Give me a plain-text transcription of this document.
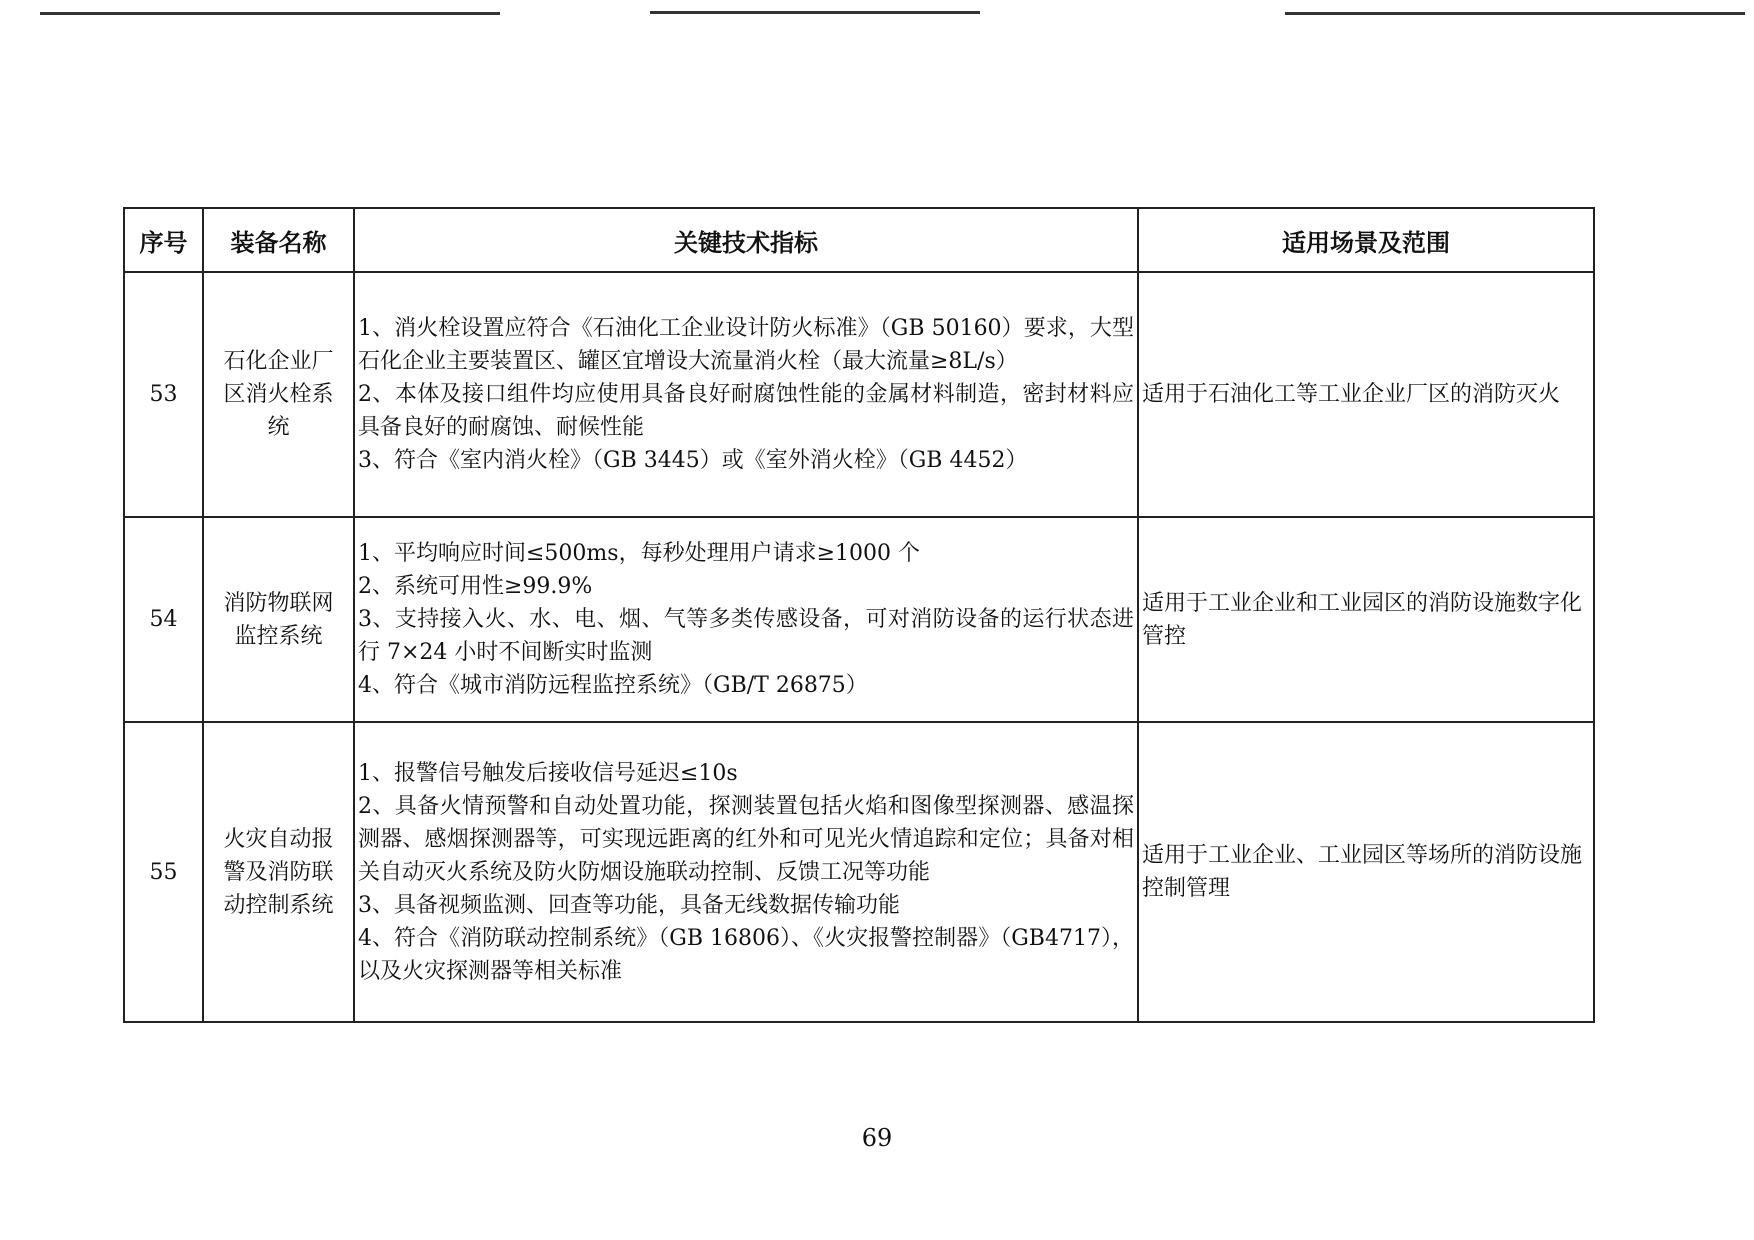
序号	装备名称	关键技术指标	适用场景及范围
53	石化企业厂区消火栓系统	1、消火栓设置应符合《石油化工企业设计防火标准》（GB 50160）要求，大型石化企业主要装置区、罐区宜增设大流量消火栓（最大流量≥8L/s）
2、本体及接口组件均应使用具备良好耐腐蚀性能的金属材料制造，密封材料应具备良好的耐腐蚀、耐候性能
3、符合《室内消火栓》（GB 3445）或《室外消火栓》（GB 4452）	适用于石油化工等工业企业厂区的消防灭火
54	消防物联网监控系统	1、平均响应时间≤500ms，每秒处理用户请求≥1000 个
2、系统可用性≥99.9%
3、支持接入火、水、电、烟、气等多类传感设备，可对消防设备的运行状态进行 7×24 小时不间断实时监测
4、符合《城市消防远程监控系统》（GB/T 26875）	适用于工业企业和工业园区的消防设施数字化管控
55	火灾自动报警及消防联动控制系统	1、报警信号触发后接收信号延迟≤10s
2、具备火情预警和自动处置功能，探测装置包括火焰和图像型探测器、感温探测器、感烟探测器等，可实现远距离的红外和可见光火情追踪和定位；具备对相关自动灭火系统及防火防烟设施联动控制、反馈工况等功能
3、具备视频监测、回查等功能，具备无线数据传输功能
4、符合《消防联动控制系统》（GB 16806）、《火灾报警控制器》（GB4717），以及火灾探测器等相关标准	适用于工业企业、工业园区等场所的消防设施控制管理
69
